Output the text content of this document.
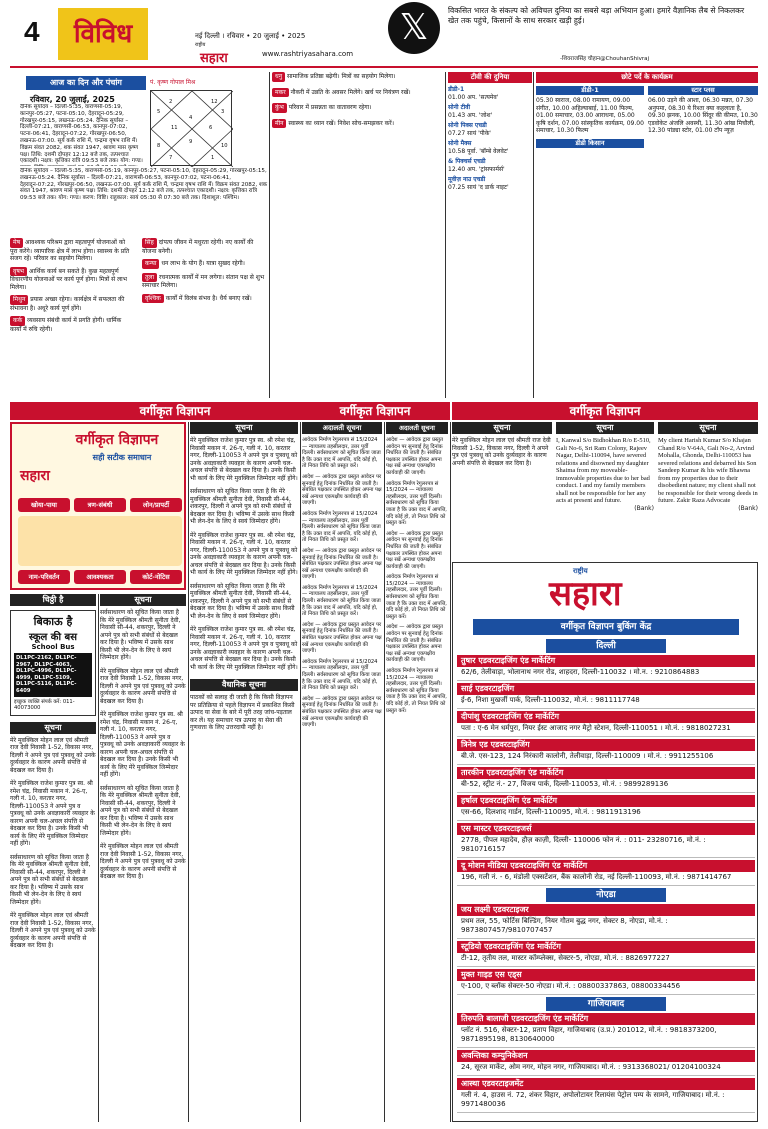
4	विविध	नई दिल्ली । रविवार • 20 जुलाई • 2025
राष्ट्रीय
सहारा	www.rashtriyasahara.com
𝕏	विकसित भारत के संकल्प को अविचल दुनिया का सबसे बड़ा अभियान हुआ। हमारे वैज्ञानिक लैब से निकलकर खेत तक पहुंचे, किसानों के साथ सरकार खड़ी हुई।
-शिवराजसिंह चौहान@ChouhanShivraj
आज का दिन और पंचांग	पं. कृष्ण गोपाल मिश्र
रविवार, 20 जुलाई, 2025
4
2	12
5	3
11	6
9
8	10
7	1
दैनिक सूर्योदय – दिल्ली-5:35, वाराणसी-05:19, कानपुर-05:27, पटना-05:10, देहरादून-05:29, गोरखपुर-05:15, लखनऊ-05:24. दैनिक सूर्यास्त – दिल्ली-07:21, वाराणसी-06:53, कानपुर-07:02, पटना-06:41, देहरादून-07:22, गोरखपुर-06:50, लखनऊ-07:00. सूर्य कर्क राशि में, चन्द्रमा वृषभ राशि में। विक्रम संवत 2082, शक संवत 1947, श्रावण मास कृष्ण पक्ष। तिथि: दशमी दोपहर 12:12 बजे तक, तत्पश्चात एकादशी। नक्षत्र: कृत्तिका रात्रि 09:53 बजे तक। योग: गण्ड।
दैनिक सूर्योदय – दिल्ली-5:35, वाराणसी-05:19, कानपुर-05:27, पटना-05:10, देहरादून-05:29, गोरखपुर-05:15, लखनऊ-05:24. दैनिक सूर्यास्त – दिल्ली-07:21, वाराणसी-06:53, कानपुर-07:02, पटना-06:41, देहरादून-07:22, गोरखपुर-06:50, लखनऊ-07:00. सूर्य कर्क राशि में, चन्द्रमा वृषभ राशि में। विक्रम संवत 2082, शक संवत 1947, श्रावण मास कृष्ण पक्ष। तिथि: दशमी दोपहर 12:12 बजे तक, तत्पश्चात एकादशी। नक्षत्र: कृत्तिका रात्रि 09:53 बजे तक। योग: गण्ड। करण: विष्टि। राहुकाल: सायं 05:30 से 07:30 बजे तक। दिशाशूल: पश्चिम।
मेष आवश्यक परिश्रम द्वारा महत्वपूर्ण योजनाओं को पूरा करेंगे। व्यापारिक क्षेत्र में लाभ होगा। स्वास्थ्य के प्रति सजग रहें। परिवार का सहयोग मिलेगा।
वृषभ आर्थिक कार्य बन सकते हैं। कुछ महत्वपूर्ण विचारणीय योजनाओं पर कार्य पूर्ण होगा। मित्रों से लाभ मिलेगा।
मिथुन प्रयास अच्छा रहेगा। कार्यक्षेत्र में सफलता की संभावना है। अधूरे कार्य पूर्ण होंगे।
कर्क व्यवसाय संबंधी कार्य में प्रगति होगी। धार्मिक कार्यों में रुचि रहेगी।
सिंह दांपत्य जीवन में मधुरता रहेगी। नए कार्यों की योजना बनेगी।
कन्या धन लाभ के योग हैं। यात्रा सुखद रहेगी।
तुला रचनात्मक कार्यों में मन लगेगा। संतान पक्ष से शुभ समाचार मिलेगा।
वृश्चिक कार्यों में विलंब संभव है। धैर्य बनाए रखें।
धनु सामाजिक प्रतिष्ठा बढ़ेगी। मित्रों का सहयोग मिलेगा।
मकर नौकरी में उन्नति के अवसर मिलेंगे। खर्च पर नियंत्रण रखें।
कुंभ परिवार में प्रसन्नता का वातावरण रहेगा।
मीन स्वास्थ्य का ध्यान रखें। निवेश सोच-समझकर करें।
टीवी की दुनिया
डीडी-1
01.00 अप. 'सत्यमेव'
सोनी टीवी
01.43 अप. 'जोश'
सोनी पिक्स एचडी
07.27 सायं 'पीके'
सोनी मैक्स
10.58 पूर्वा. 'बॉम्बे वेलवेट'
& पिक्चर्स एचडी
12.40 अप. 'ट्रांसफार्मर्स'
मूवीज़ नाउ एचडी
07.25 सायं 'द डार्क नाइट'
छोटे पर्दे के कार्यक्रम
डीडी-1
05.30 स्वराज, 08.00 रामायण, 09.00 संगीत, 10.00 अहिल्याबाई, 11.00 फिल्म, 01.00 समाचार, 03.00 आराधना, 05.00 कृषि दर्शन, 07.00 सांस्कृतिक कार्यक्रम, 09.00 समाचार, 10.30 फिल्म
डीडी किसान
स्टार प्लस
06.00 उड़ने की आशा, 06.30 मन्नत, 07.30 अनुपमा, 08.30 ये रिश्ता क्या कहलाता है, 09.30 झनक, 10.00 सिंदूर की कीमत, 10.30 एडवोकेट अंजलि अवस्थी, 11.30 आंख मिचौली, 12.30 पांड्या स्टोर, 01.00 टॉप न्यूज़
वर्गीकृत विज्ञापन	वर्गीकृत विज्ञापन	वर्गीकृत विज्ञापन
वर्गीकृत विज्ञापन
सही सटीक समाधान
सहारा
खोया-पाया	त्रण-संबंधी	लोन/प्रापर्टी
नाम-परिवर्तन	आवश्यकता	कोर्ट-नोटिस
सूचना
मेरे मुवक्किल राजेश कुमार पुत्र स्व. श्री रमेश चंद्र, निवासी मकान नं. 26-ए, गली नं. 10, करतार नगर, दिल्ली-110053 ने अपने पुत्र व पुत्रवधू को उनके अवज्ञाकारी व्यवहार के कारण अपनी चल-अचल संपत्ति से बेदखल कर दिया है। उनके किसी भी कार्य के लिए मेरे मुवक्किल जिम्मेदार नहीं होंगे।
सर्वसाधारण को सूचित किया जाता है कि मेरे मुवक्किल श्रीमती सुनीता देवी, निवासी सी-44, शकरपुर, दिल्ली ने अपने पुत्र को सभी संबंधों से बेदखल कर दिया है। भविष्य में उसके साथ किसी भी लेन-देन के लिए वे स्वयं जिम्मेदार होंगे।
मेरे मुवक्किल राजेश कुमार पुत्र स्व. श्री रमेश चंद्र, निवासी मकान नं. 26-ए, गली नं. 10, करतार नगर, दिल्ली-110053 ने अपने पुत्र व पुत्रवधू को उनके अवज्ञाकारी व्यवहार के कारण अपनी चल-अचल संपत्ति से बेदखल कर दिया है। उनके किसी भी कार्य के लिए मेरे मुवक्किल जिम्मेदार नहीं होंगे।
सर्वसाधारण को सूचित किया जाता है कि मेरे मुवक्किल श्रीमती सुनीता देवी, निवासी सी-44, शकरपुर, दिल्ली ने अपने पुत्र को सभी संबंधों से बेदखल कर दिया है। भविष्य में उसके साथ किसी भी लेन-देन के लिए वे स्वयं जिम्मेदार होंगे।
मेरे मुवक्किल राजेश कुमार पुत्र स्व. श्री रमेश चंद्र, निवासी मकान नं. 26-ए, गली नं. 10, करतार नगर, दिल्ली-110053 ने अपने पुत्र व पुत्रवधू को उनके अवज्ञाकारी व्यवहार के कारण अपनी चल-अचल संपत्ति से बेदखल कर दिया है। उनके किसी भी कार्य के लिए मेरे मुवक्किल जिम्मेदार नहीं होंगे।
वैधानिक सूचना
पाठकों को सलाह दी जाती है कि किसी विज्ञापन पर प्रतिक्रिया से पहले विज्ञापन में प्रकाशित किसी उत्पाद या सेवा के बारे में पूरी तरह जांच-पड़ताल कर लें। यह समाचार पत्र उत्पाद या सेवा की गुणवत्ता के लिए उत्तरदायी नहीं है।
अदालती सूचना
आवेदक निर्माण रेगुलरपत्र सं 15/2024 — न्यायालय तहसीलदार, उत्तर पूर्वी दिल्ली। सर्वसाधारण को सूचित किया जाता है कि उक्त वाद में आपत्ति, यदि कोई हो, तो नियत तिथि को प्रस्तुत करें।
आदेश — आवेदक द्वारा प्रस्तुत आवेदन पर सुनवाई हेतु दिनांक निर्धारित की जाती है। संबंधित पक्षकार उपस्थित होकर अपना पक्ष रखें अन्यथा एकपक्षीय कार्यवाही की जाएगी।
आवेदक निर्माण रेगुलरपत्र सं 15/2024 — न्यायालय तहसीलदार, उत्तर पूर्वी दिल्ली। सर्वसाधारण को सूचित किया जाता है कि उक्त वाद में आपत्ति, यदि कोई हो, तो नियत तिथि को प्रस्तुत करें।
आदेश — आवेदक द्वारा प्रस्तुत आवेदन पर सुनवाई हेतु दिनांक निर्धारित की जाती है। संबंधित पक्षकार उपस्थित होकर अपना पक्ष रखें अन्यथा एकपक्षीय कार्यवाही की जाएगी।
आवेदक निर्माण रेगुलरपत्र सं 15/2024 — न्यायालय तहसीलदार, उत्तर पूर्वी दिल्ली। सर्वसाधारण को सूचित किया जाता है कि उक्त वाद में आपत्ति, यदि कोई हो, तो नियत तिथि को प्रस्तुत करें।
आदेश — आवेदक द्वारा प्रस्तुत आवेदन पर सुनवाई हेतु दिनांक निर्धारित की जाती है। संबंधित पक्षकार उपस्थित होकर अपना पक्ष रखें अन्यथा एकपक्षीय कार्यवाही की जाएगी।
आवेदक निर्माण रेगुलरपत्र सं 15/2024 — न्यायालय तहसीलदार, उत्तर पूर्वी दिल्ली। सर्वसाधारण को सूचित किया जाता है कि उक्त वाद में आपत्ति, यदि कोई हो, तो नियत तिथि को प्रस्तुत करें।
आदेश — आवेदक द्वारा प्रस्तुत आवेदन पर सुनवाई हेतु दिनांक निर्धारित की जाती है। संबंधित पक्षकार उपस्थित होकर अपना पक्ष रखें अन्यथा एकपक्षीय कार्यवाही की जाएगी।
अदालती सूचना
आदेश — आवेदक द्वारा प्रस्तुत आवेदन पर सुनवाई हेतु दिनांक निर्धारित की जाती है। संबंधित पक्षकार उपस्थित होकर अपना पक्ष रखें अन्यथा एकपक्षीय कार्यवाही की जाएगी।
आवेदक निर्माण रेगुलरपत्र सं 15/2024 — न्यायालय तहसीलदार, उत्तर पूर्वी दिल्ली। सर्वसाधारण को सूचित किया जाता है कि उक्त वाद में आपत्ति, यदि कोई हो, तो नियत तिथि को प्रस्तुत करें।
आदेश — आवेदक द्वारा प्रस्तुत आवेदन पर सुनवाई हेतु दिनांक निर्धारित की जाती है। संबंधित पक्षकार उपस्थित होकर अपना पक्ष रखें अन्यथा एकपक्षीय कार्यवाही की जाएगी।
आवेदक निर्माण रेगुलरपत्र सं 15/2024 — न्यायालय तहसीलदार, उत्तर पूर्वी दिल्ली। सर्वसाधारण को सूचित किया जाता है कि उक्त वाद में आपत्ति, यदि कोई हो, तो नियत तिथि को प्रस्तुत करें।
आदेश — आवेदक द्वारा प्रस्तुत आवेदन पर सुनवाई हेतु दिनांक निर्धारित की जाती है। संबंधित पक्षकार उपस्थित होकर अपना पक्ष रखें अन्यथा एकपक्षीय कार्यवाही की जाएगी।
आवेदक निर्माण रेगुलरपत्र सं 15/2024 — न्यायालय तहसीलदार, उत्तर पूर्वी दिल्ली। सर्वसाधारण को सूचित किया जाता है कि उक्त वाद में आपत्ति, यदि कोई हो, तो नियत तिथि को प्रस्तुत करें।
चिठ्ठी है
बिकाऊ है
स्कूल की बस
School Bus
DL1PC-2162, DL1PC-2967, DL1PC-4063, DL1PC-4996, DL1PC-4999, DL1PC-5109, DL1PC-5116, DL1PC-6409
इच्छुक व्यक्ति संपर्क करें: 011-40073000
सूचना
मेरे मुवक्किल मोहन लाल एवं श्रीमती राज देवी निवासी 1-52, विकास नगर, दिल्ली ने अपने पुत्र एवं पुत्रवधू को उनके दुर्व्यवहार के कारण अपनी संपत्ति से बेदखल कर दिया है।
मेरे मुवक्किल राजेश कुमार पुत्र स्व. श्री रमेश चंद्र, निवासी मकान नं. 26-ए, गली नं. 10, करतार नगर, दिल्ली-110053 ने अपने पुत्र व पुत्रवधू को उनके अवज्ञाकारी व्यवहार के कारण अपनी चल-अचल संपत्ति से बेदखल कर दिया है। उनके किसी भी कार्य के लिए मेरे मुवक्किल जिम्मेदार नहीं होंगे।
सर्वसाधारण को सूचित किया जाता है कि मेरे मुवक्किल श्रीमती सुनीता देवी, निवासी सी-44, शकरपुर, दिल्ली ने अपने पुत्र को सभी संबंधों से बेदखल कर दिया है। भविष्य में उसके साथ किसी भी लेन-देन के लिए वे स्वयं जिम्मेदार होंगे।
मेरे मुवक्किल मोहन लाल एवं श्रीमती राज देवी निवासी 1-52, विकास नगर, दिल्ली ने अपने पुत्र एवं पुत्रवधू को उनके दुर्व्यवहार के कारण अपनी संपत्ति से बेदखल कर दिया है।
सूचना
सर्वसाधारण को सूचित किया जाता है कि मेरे मुवक्किल श्रीमती सुनीता देवी, निवासी सी-44, शकरपुर, दिल्ली ने अपने पुत्र को सभी संबंधों से बेदखल कर दिया है। भविष्य में उसके साथ किसी भी लेन-देन के लिए वे स्वयं जिम्मेदार होंगे।
मेरे मुवक्किल मोहन लाल एवं श्रीमती राज देवी निवासी 1-52, विकास नगर, दिल्ली ने अपने पुत्र एवं पुत्रवधू को उनके दुर्व्यवहार के कारण अपनी संपत्ति से बेदखल कर दिया है।
मेरे मुवक्किल राजेश कुमार पुत्र स्व. श्री रमेश चंद्र, निवासी मकान नं. 26-ए, गली नं. 10, करतार नगर, दिल्ली-110053 ने अपने पुत्र व पुत्रवधू को उनके अवज्ञाकारी व्यवहार के कारण अपनी चल-अचल संपत्ति से बेदखल कर दिया है। उनके किसी भी कार्य के लिए मेरे मुवक्किल जिम्मेदार नहीं होंगे।
सर्वसाधारण को सूचित किया जाता है कि मेरे मुवक्किल श्रीमती सुनीता देवी, निवासी सी-44, शकरपुर, दिल्ली ने अपने पुत्र को सभी संबंधों से बेदखल कर दिया है। भविष्य में उसके साथ किसी भी लेन-देन के लिए वे स्वयं जिम्मेदार होंगे।
मेरे मुवक्किल मोहन लाल एवं श्रीमती राज देवी निवासी 1-52, विकास नगर, दिल्ली ने अपने पुत्र एवं पुत्रवधू को उनके दुर्व्यवहार के कारण अपनी संपत्ति से बेदखल कर दिया है।
सूचना
मेरे मुवक्किल मोहन लाल एवं श्रीमती राज देवी निवासी 1-52, विकास नगर, दिल्ली ने अपने पुत्र एवं पुत्रवधू को उनके दुर्व्यवहार के कारण अपनी संपत्ति से बेदखल कर दिया है।
सूचना
I, Kanwal S/o Bidhokhan R/o E-510, Gali No-6, Sri Ram Colony, Rajeev Nagar, Delhi-110094, have severed relations and disowned my daughter Shaima from my moveable-immovable properties due to her bad conduct. I and my family members shall not be responsible for her any acts at present and future.
(Bank)
सूचना
My client Harish Kumar S/o Khajan Chand R/o V-64A, Gali No-2, Arvind Mohalla, Ghonda, Delhi-110053 has severed relations and debarred his Son Sandeep Kumar & his wife Bhawna from my properties due to their disobedient nature; my client shall not be responsible for their wrong deeds in future. Zakir Raza Advocate
(Bank)
राष्ट्रीय
सहारा
वर्गीकृत विज्ञापन बुकिंग केंद्र
दिल्ली
तुषार एडवरटाइजिंग एंड मार्केटिंग
62/6, तेलीवाड़ा, भोलानाथ नगर रोड, शाहदरा, दिल्ली-110032 । मो.न. : 9210864883
साई एडवरटाइजिंग
ई-6, निशा मुखर्जी पार्क, दिल्ली-110032, मो.नं. : 9811117748
दीपांशु एडवरटाइजिंग एंड मार्केटिंग
पता : ए-6 मेन धर्मपुरा, नियर ईस्ट आजाद नगर मैट्रो स्टेशन, दिल्ली-110051 । मो.नं. : 9818027231
त्रिनेत्र एड एडवरटाइजिंग
बी.जे. एस-123, 124 निरंकारी कालोनी, तेलीवाड़ा, दिल्ली-110009 । मो.नं. : 9911255106
तारकीन एडवरटाइजिंग एंड मार्केटिंग
बी-52, स्ट्रीट नं.- 27, विजय पार्क, दिल्ली-110053, मो.नं. : 9899289136
हर्षाल एडवरटाइजिंग एंड मार्केटिंग
एस-66, दिलशाद गार्डन, दिल्ली-110095, मो.नं. : 9811913196
एस मास्टर एडवरटाइजर्स
2778, पीपल महादेव, हौज़ काज़ी, दिल्ली- 110006 फोन नं. : 011- 23280716, मो.नं. : 9810716157
दू मोशन मीडिया एडवरटाइजिंग एंड मार्केटिंग
196, गली नं. - 6, मंडोली एक्सटेंशन, बैंक कालोनी रोड, नई दिल्ली-110093, मो.नं. : 9871414767
नोएडा
जय लक्ष्मी एडवरटाइजर
प्रथम तल, 55, फोर्टिस बिल्डिंग, नियर गौतम बुद्ध नगर, सेक्टर 8, नोएडा, मो.नं. : 9873807457/9810707457
स्टूडियो एडवरटाइजिंग एंड मार्केटिंग
टी-12, तृतीय तल, मास्टर कॉम्प्लेक्स, सेक्टर-5, नोएडा, मो.नं. : 8826977227
मुक्त गाइड एस एड्स
ए-100, ए ब्लॉक सेक्टर-50 नोएडा। मो.नं. : 08800337863, 08800334456
गाजियाबाद
तिरुपति बालाजी एडवरटाइजिंग एंड मार्केटिंग
प्लॉट नं. 516, सेक्टर-12, प्रताप विहार, गाजियाबाद (उ.प्र.) 201012, मो.नं. : 9818373200, 9871895198, 8130640000
अवन्तिका कम्युनिकेशन
24, सूरज मार्केट, ओम नगर, मोहन नगर, गाजियाबाद। मो.नं. : 9313368021/ 01204100324
आस्था एडवरटाइजमेंट
गली नं. 4, हाउस नं. 72, शंकर विहार, अपोलोटायर रिलायंस पेट्रोल पम्प के सामने, गाजियाबाद। मो.नं. : 9971480036
